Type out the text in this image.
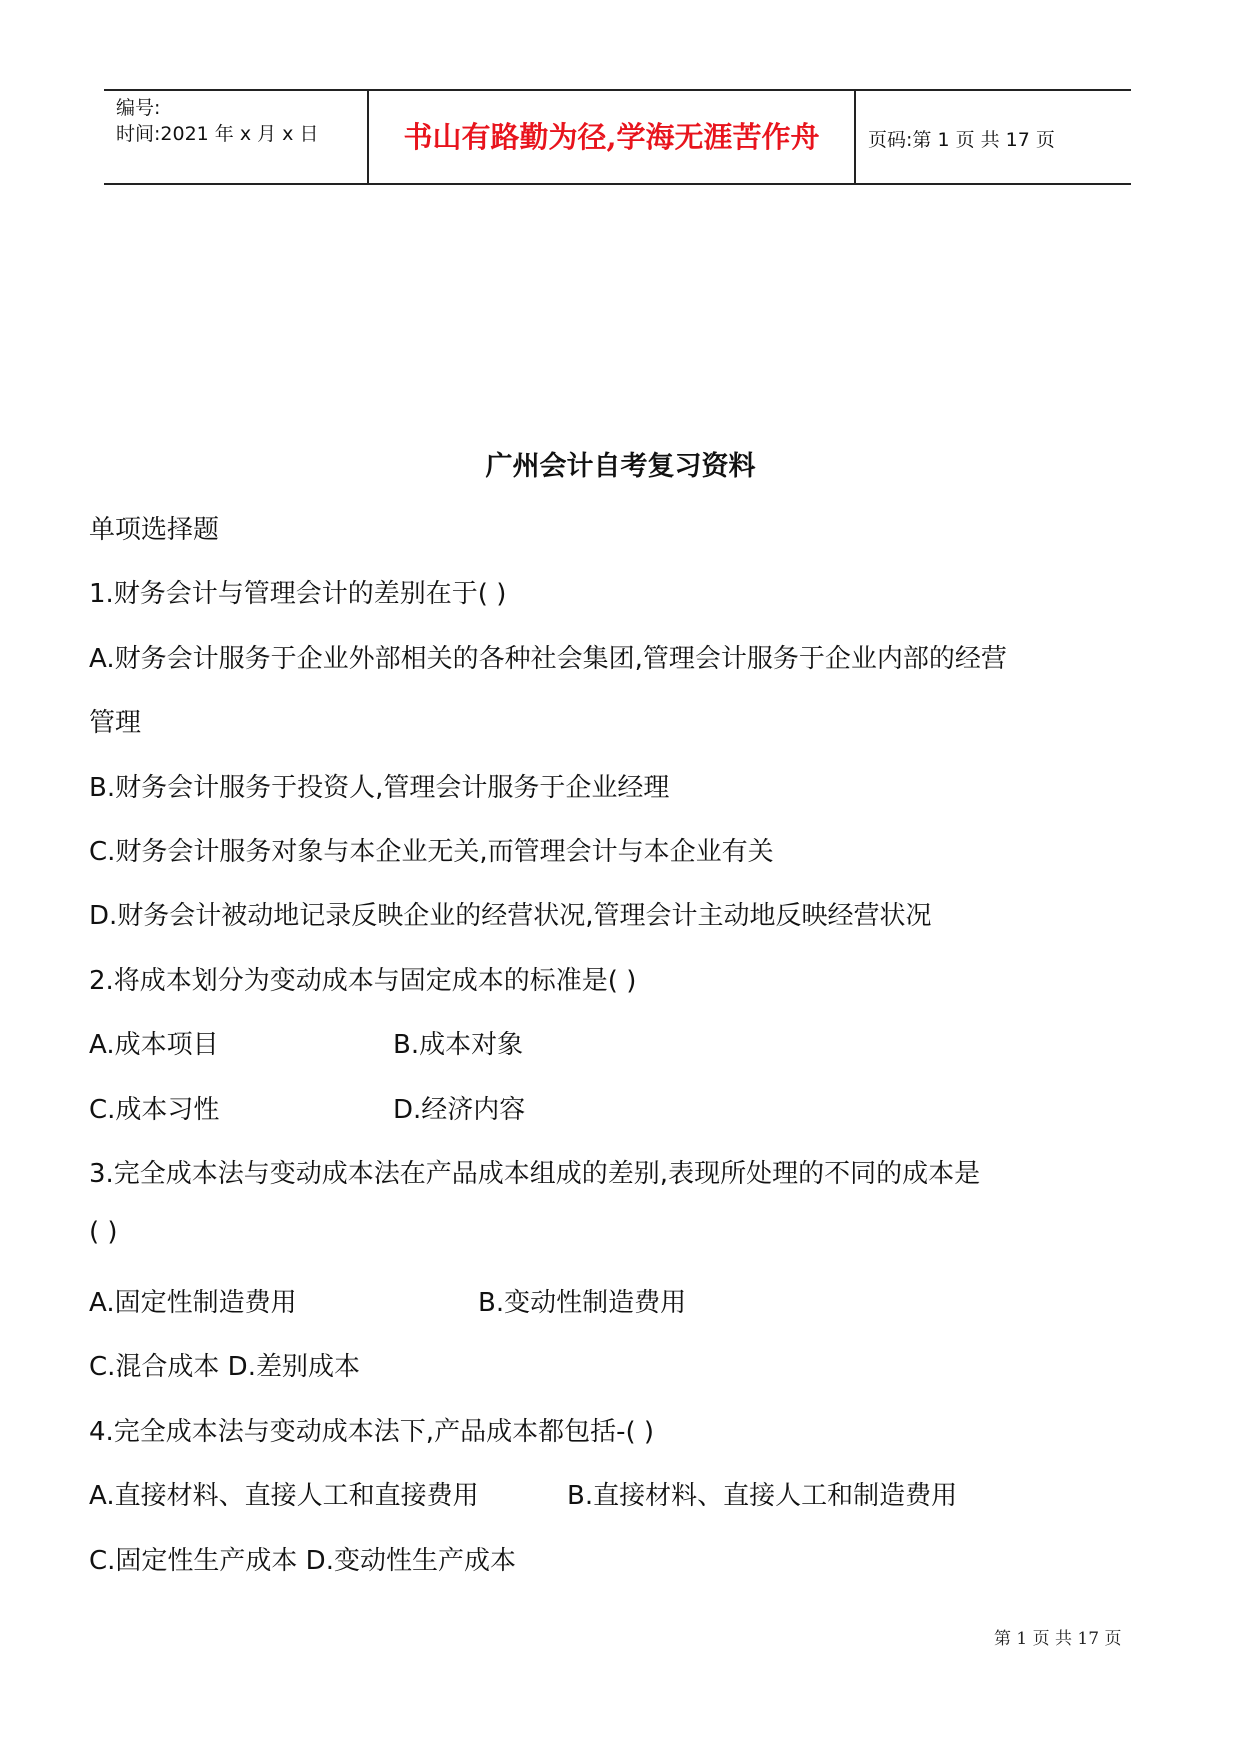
编号:
时间:2021 年 x 月 x 日	书山有路勤为径,学海无涯苦作舟	页码:第 1 页 共 17 页
广州会计自考复习资料
单项选择题
1.财务会计与管理会计的差别在于( )
A.财务会计服务于企业外部相关的各种社会集团,管理会计服务于企业内部的经营
管理
B.财务会计服务于投资人,管理会计服务于企业经理
C.财务会计服务对象与本企业无关,而管理会计与本企业有关
D.财务会计被动地记录反映企业的经营状况,管理会计主动地反映经营状况
2.将成本划分为变动成本与固定成本的标准是( )
A.成本项目	B.成本对象
C.成本习性	D.经济内容
3.完全成本法与变动成本法在产品成本组成的差别,表现所处理的不同的成本是
( )
A.固定性制造费用	B.变动性制造费用
C.混合成本 D.差别成本
4.完全成本法与变动成本法下,产品成本都包括-( )
A.直接材料、直接人工和直接费用	B.直接材料、直接人工和制造费用
C.固定性生产成本 D.变动性生产成本
第 1 页 共 17 页
